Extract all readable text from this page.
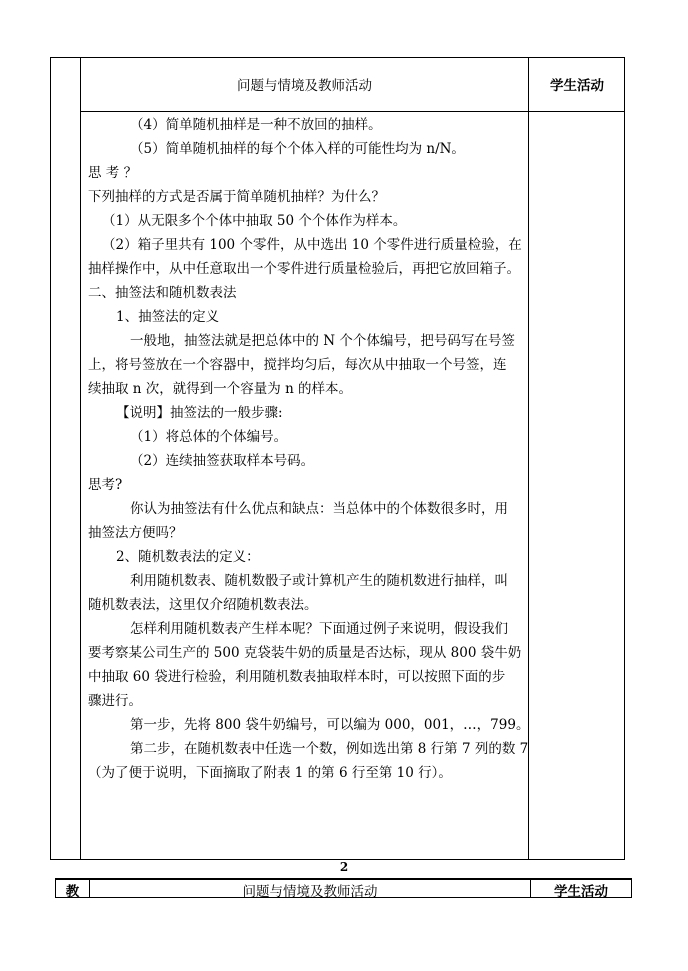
问题与情境及教师活动	学生活动
（4）简单随机抽样是一种不放回的抽样。
（5）简单随机抽样的每个个体入样的可能性均为 n/N。
思 考 ？
下列抽样的方式是否属于简单随机抽样？为什么？
（1）从无限多个个体中抽取 50 个个体作为样本。
（2）箱子里共有 100 个零件，从中选出 10 个零件进行质量检验，在
抽样操作中，从中任意取出一个零件进行质量检验后，再把它放回箱子。
二、抽签法和随机数表法
1、抽签法的定义
一般地，抽签法就是把总体中的 N 个个体编号，把号码写在号签
上，将号签放在一个容器中，搅拌均匀后，每次从中抽取一个号签，连
续抽取 n 次，就得到一个容量为 n 的样本。
【说明】抽签法的一般步骤:
（1）将总体的个体编号。
（2）连续抽签获取样本号码。
思考?
你认为抽签法有什么优点和缺点：当总体中的个体数很多时，用
抽签法方便吗？
2、随机数表法的定义：
利用随机数表、随机数骰子或计算机产生的随机数进行抽样，叫
随机数表法，这里仅介绍随机数表法。
怎样利用随机数表产生样本呢？下面通过例子来说明，假设我们
要考察某公司生产的 500 克袋装牛奶的质量是否达标，现从 800 袋牛奶
中抽取 60 袋进行检验，利用随机数表抽取样本时，可以按照下面的步
骤进行。
第一步，先将 800 袋牛奶编号，可以编为 000，001，…，799。
第二步，在随机数表中任选一个数，例如选出第 8 行第 7 列的数 7
（为了便于说明，下面摘取了附表 1 的第 6 行至第 10 行）。
2
教	问题与情境及教师活动	学生活动
